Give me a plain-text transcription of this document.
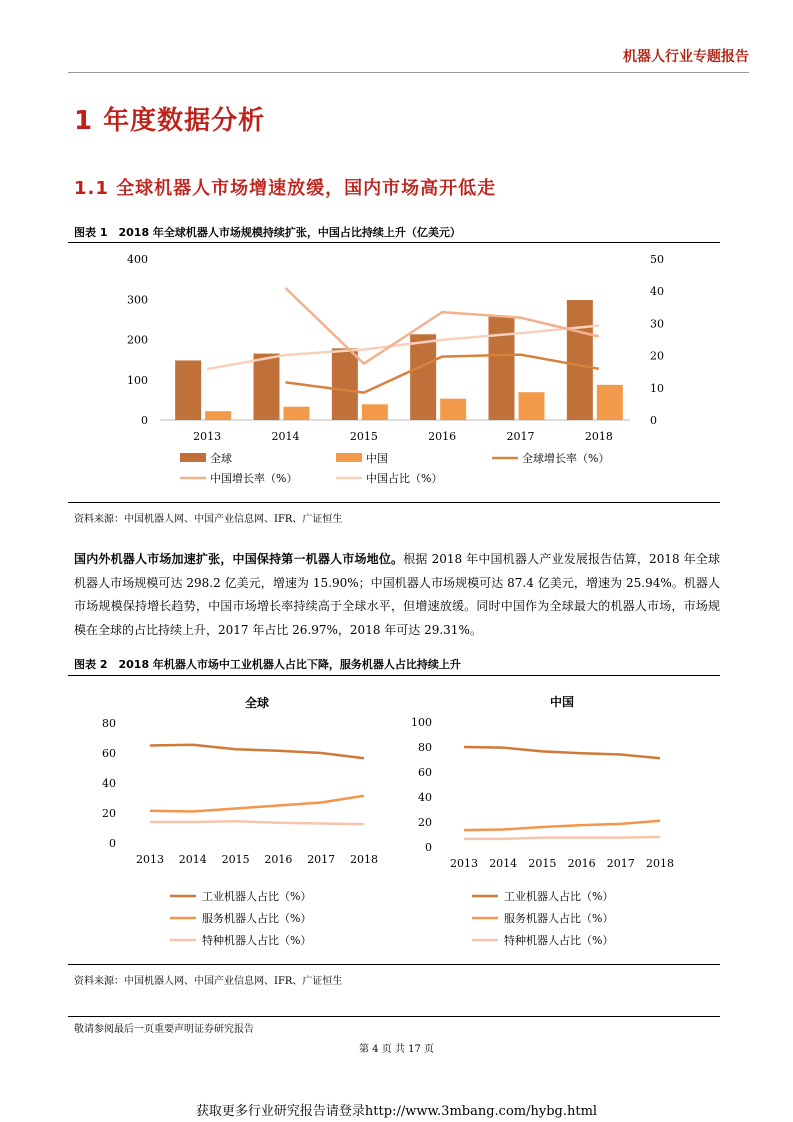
机器人行业专题报告
1 年度数据分析
1.1 全球机器人市场增速放缓，国内市场高开低走
图表 1　2018 年全球机器人市场规模持续扩张，中国占比持续上升（亿美元）
0
100
200
300
400
0
10
20
30
40
50
2013	2014	2015	2016	2017	2018
全球	中国	全球增长率（%）
中国增长率（%）	中国占比（%）
资料来源：中国机器人网、中国产业信息网、IFR、广证恒生
国内外机器人市场加速扩张，中国保持第一机器人市场地位。根据 2018 年中国机器人产业发展报告估算，2018 年全球机器人市场规模可达 298.2 亿美元，增速为 15.90%；中国机器人市场规模可达 87.4 亿美元，增速为 25.94%。机器人市场规模保持增长趋势，中国市场增长率持续高于全球水平，但增速放缓。同时中国作为全球最大的机器人市场，市场规模在全球的占比持续上升，2017 年占比 26.97%，2018 年可达 29.31%。
图表 2　2018 年机器人市场中工业机器人占比下降，服务机器人占比持续上升
全球
0
20
40
60
80
2013 2014 2015 2016 2017 2018
工业机器人占比（%）
服务机器人占比（%）
特种机器人占比（%）
中国
0
20
40
60
80
100
2013 2014 2015 2016 2017 2018
工业机器人占比（%）
服务机器人占比（%）
特种机器人占比（%）
资料来源：中国机器人网、中国产业信息网、IFR、广证恒生
敬请参阅最后一页重要声明证券研究报告
第 4 页 共 17 页
获取更多行业研究报告请登录http://www.3mbang.com/hybg.html
